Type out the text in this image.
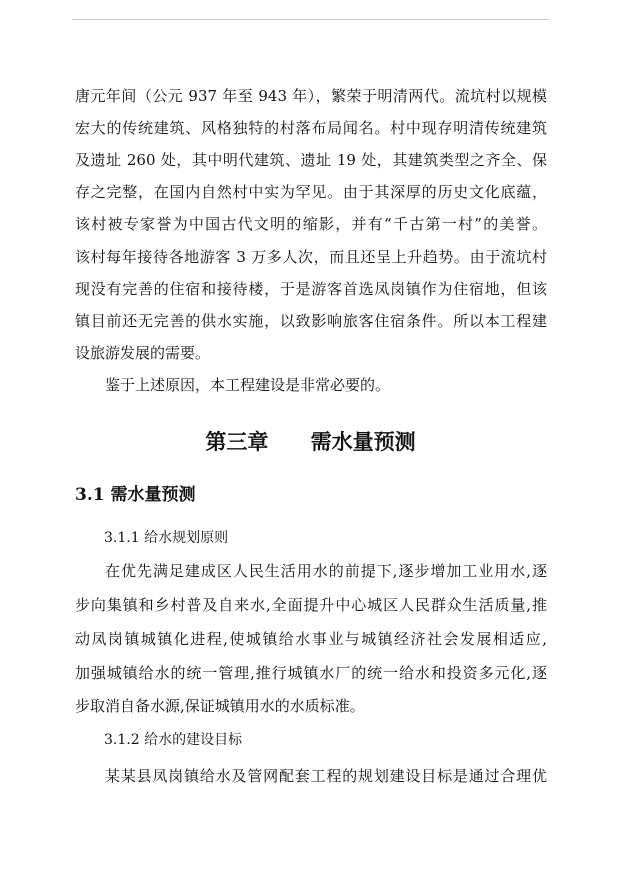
唐元年间（公元 937 年至 943 年），繁荣于明清两代。流坑村以规模
宏大的传统建筑、风格独特的村落布局闻名。村中现存明清传统建筑
及遗址 260 处，其中明代建筑、遗址 19 处，其建筑类型之齐全、保
存之完整，在国内自然村中实为罕见。由于其深厚的历史文化底蕴，
该村被专家誉为中国古代文明的缩影，并有“千古第一村”的美誉。
该村每年接待各地游客 3 万多人次，而且还呈上升趋势。由于流坑村
现没有完善的住宿和接待楼，于是游客首选凤岗镇作为住宿地，但该
镇目前还无完善的供水实施，以致影响旅客住宿条件。所以本工程建
设旅游发展的需要。
鉴于上述原因，本工程建设是非常必要的。
第三章　 需水量预测
3.1 需水量预测
3.1.1 给水规划原则
在优先满足建成区人民生活用水的前提下,逐步增加工业用水,逐
步向集镇和乡村普及自来水,全面提升中心城区人民群众生活质量,推
动凤岗镇城镇化进程,使城镇给水事业与城镇经济社会发展相适应,
加强城镇给水的统一管理,推行城镇水厂的统一给水和投资多元化,逐
步取消自备水源,保证城镇用水的水质标准。
3.1.2 给水的建设目标
某某县凤岗镇给水及管网配套工程的规划建设目标是通过合理优
